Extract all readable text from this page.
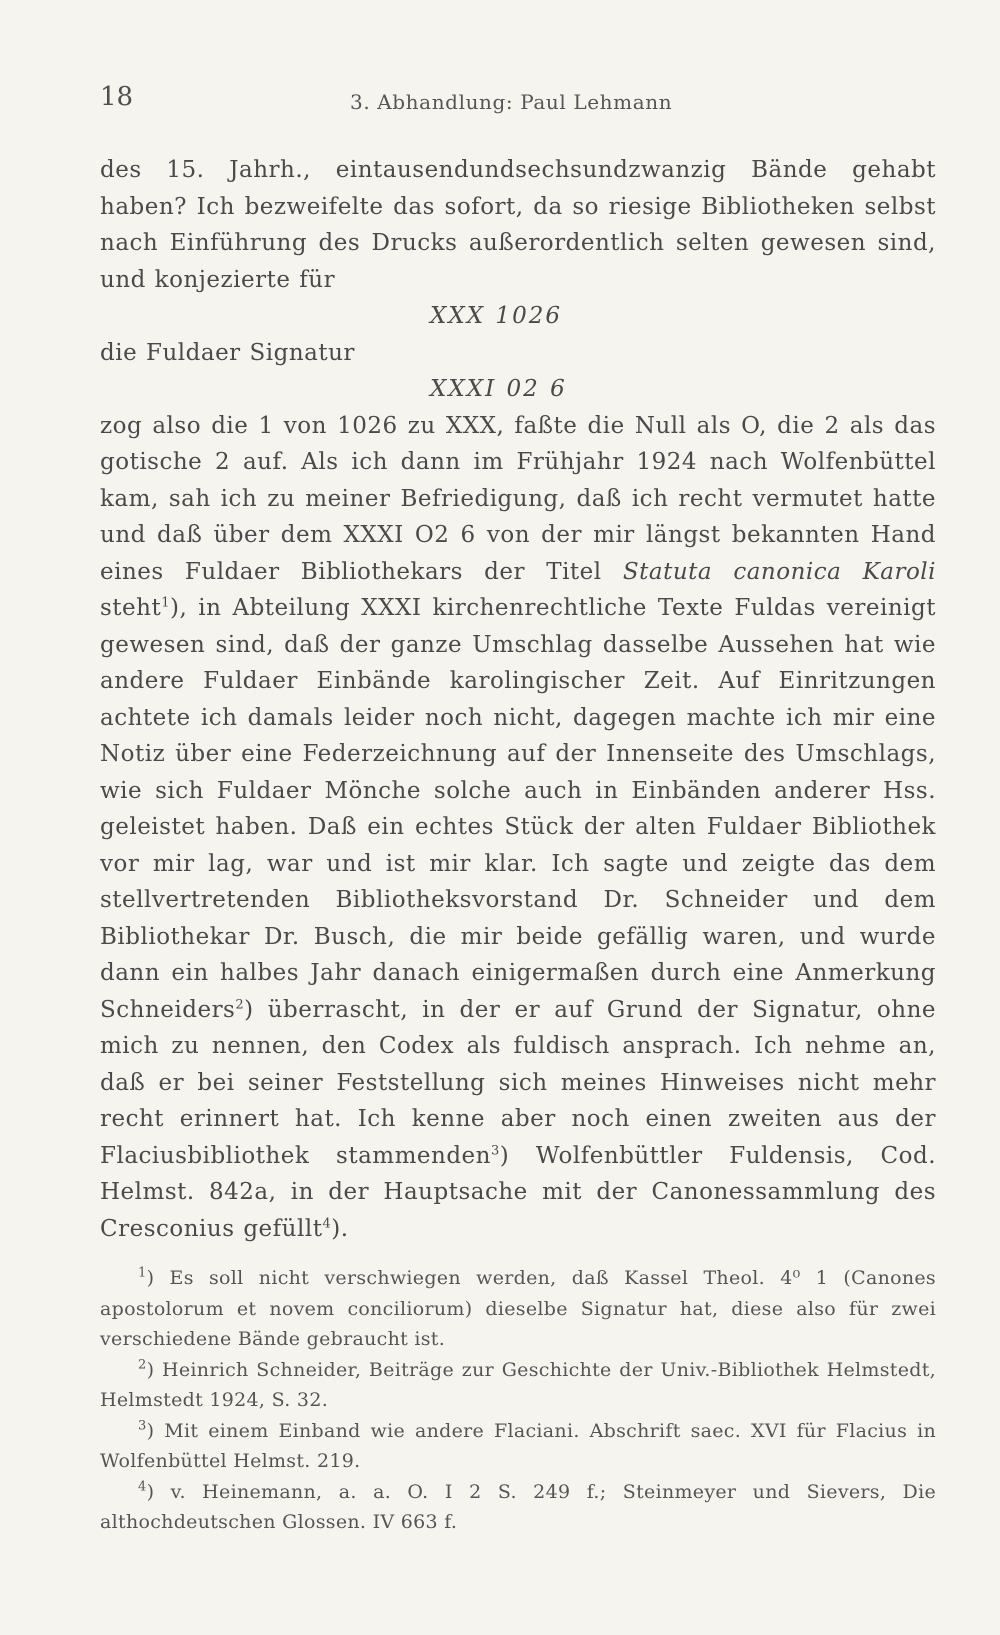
18	3. Abhandlung: Paul Lehmann

des 15. Jahrh., eintausendundsechsundzwanzig Bände gehabt haben? Ich bezweifelte das sofort, da so riesige Bibliotheken selbst nach Einführung des Drucks außerordentlich selten gewesen sind, und konjezierte für

XXX 1026

die Fuldaer Signatur

XXXI 02 6

zog also die 1 von 1026 zu XXX, faßte die Null als O, die 2 als das gotische 2 auf. Als ich dann im Frühjahr 1924 nach Wolfenbüttel kam, sah ich zu meiner Befriedigung, daß ich recht vermutet hatte und daß über dem XXXI O2 6 von der mir längst bekannten Hand eines Fuldaer Bibliothekars der Titel Statuta canonica Karoli steht$^1$), in Abteilung XXXI kirchenrechtliche Texte Fuldas vereinigt gewesen sind, daß der ganze Umschlag dasselbe Aussehen hat wie andere Fuldaer Einbände karolingischer Zeit. Auf Einritzungen achtete ich damals leider noch nicht, dagegen machte ich mir eine Notiz über eine Federzeichnung auf der Innenseite des Umschlags, wie sich Fuldaer Mönche solche auch in Einbänden anderer Hss. geleistet haben. Daß ein echtes Stück der alten Fuldaer Bibliothek vor mir lag, war und ist mir klar. Ich sagte und zeigte das dem stellvertretenden Bibliotheksvorstand Dr. Schneider und dem Bibliothekar Dr. Busch, die mir beide gefällig waren, und wurde dann ein halbes Jahr danach einigermaßen durch eine Anmerkung Schneiders$^2$) überrascht, in der er auf Grund der Signatur, ohne mich zu nennen, den Codex als fuldisch ansprach. Ich nehme an, daß er bei seiner Feststellung sich meines Hinweises nicht mehr recht erinnert hat. Ich kenne aber noch einen zweiten aus der Flaciusbibliothek stammenden$^3$) Wolfenbüttler Fuldensis, Cod. Helmst. 842a, in der Hauptsache mit der Canonessammlung des Cresconius gefüllt$^4$).

$^1$) Es soll nicht verschwiegen werden, daß Kassel Theol. 4⁰ 1 (Canones apostolorum et novem conciliorum) dieselbe Signatur hat, diese also für zwei verschiedene Bände gebraucht ist.

$^2$) Heinrich Schneider, Beiträge zur Geschichte der Univ.-Bibliothek Helmstedt, Helmstedt 1924, S. 32.

$^3$) Mit einem Einband wie andere Flaciani. Abschrift saec. XVI für Flacius in Wolfenbüttel Helmst. 219.

$^4$) v. Heinemann, a. a. O. I 2 S. 249 f.; Steinmeyer und Sievers, Die althochdeutschen Glossen. IV 663 f.
